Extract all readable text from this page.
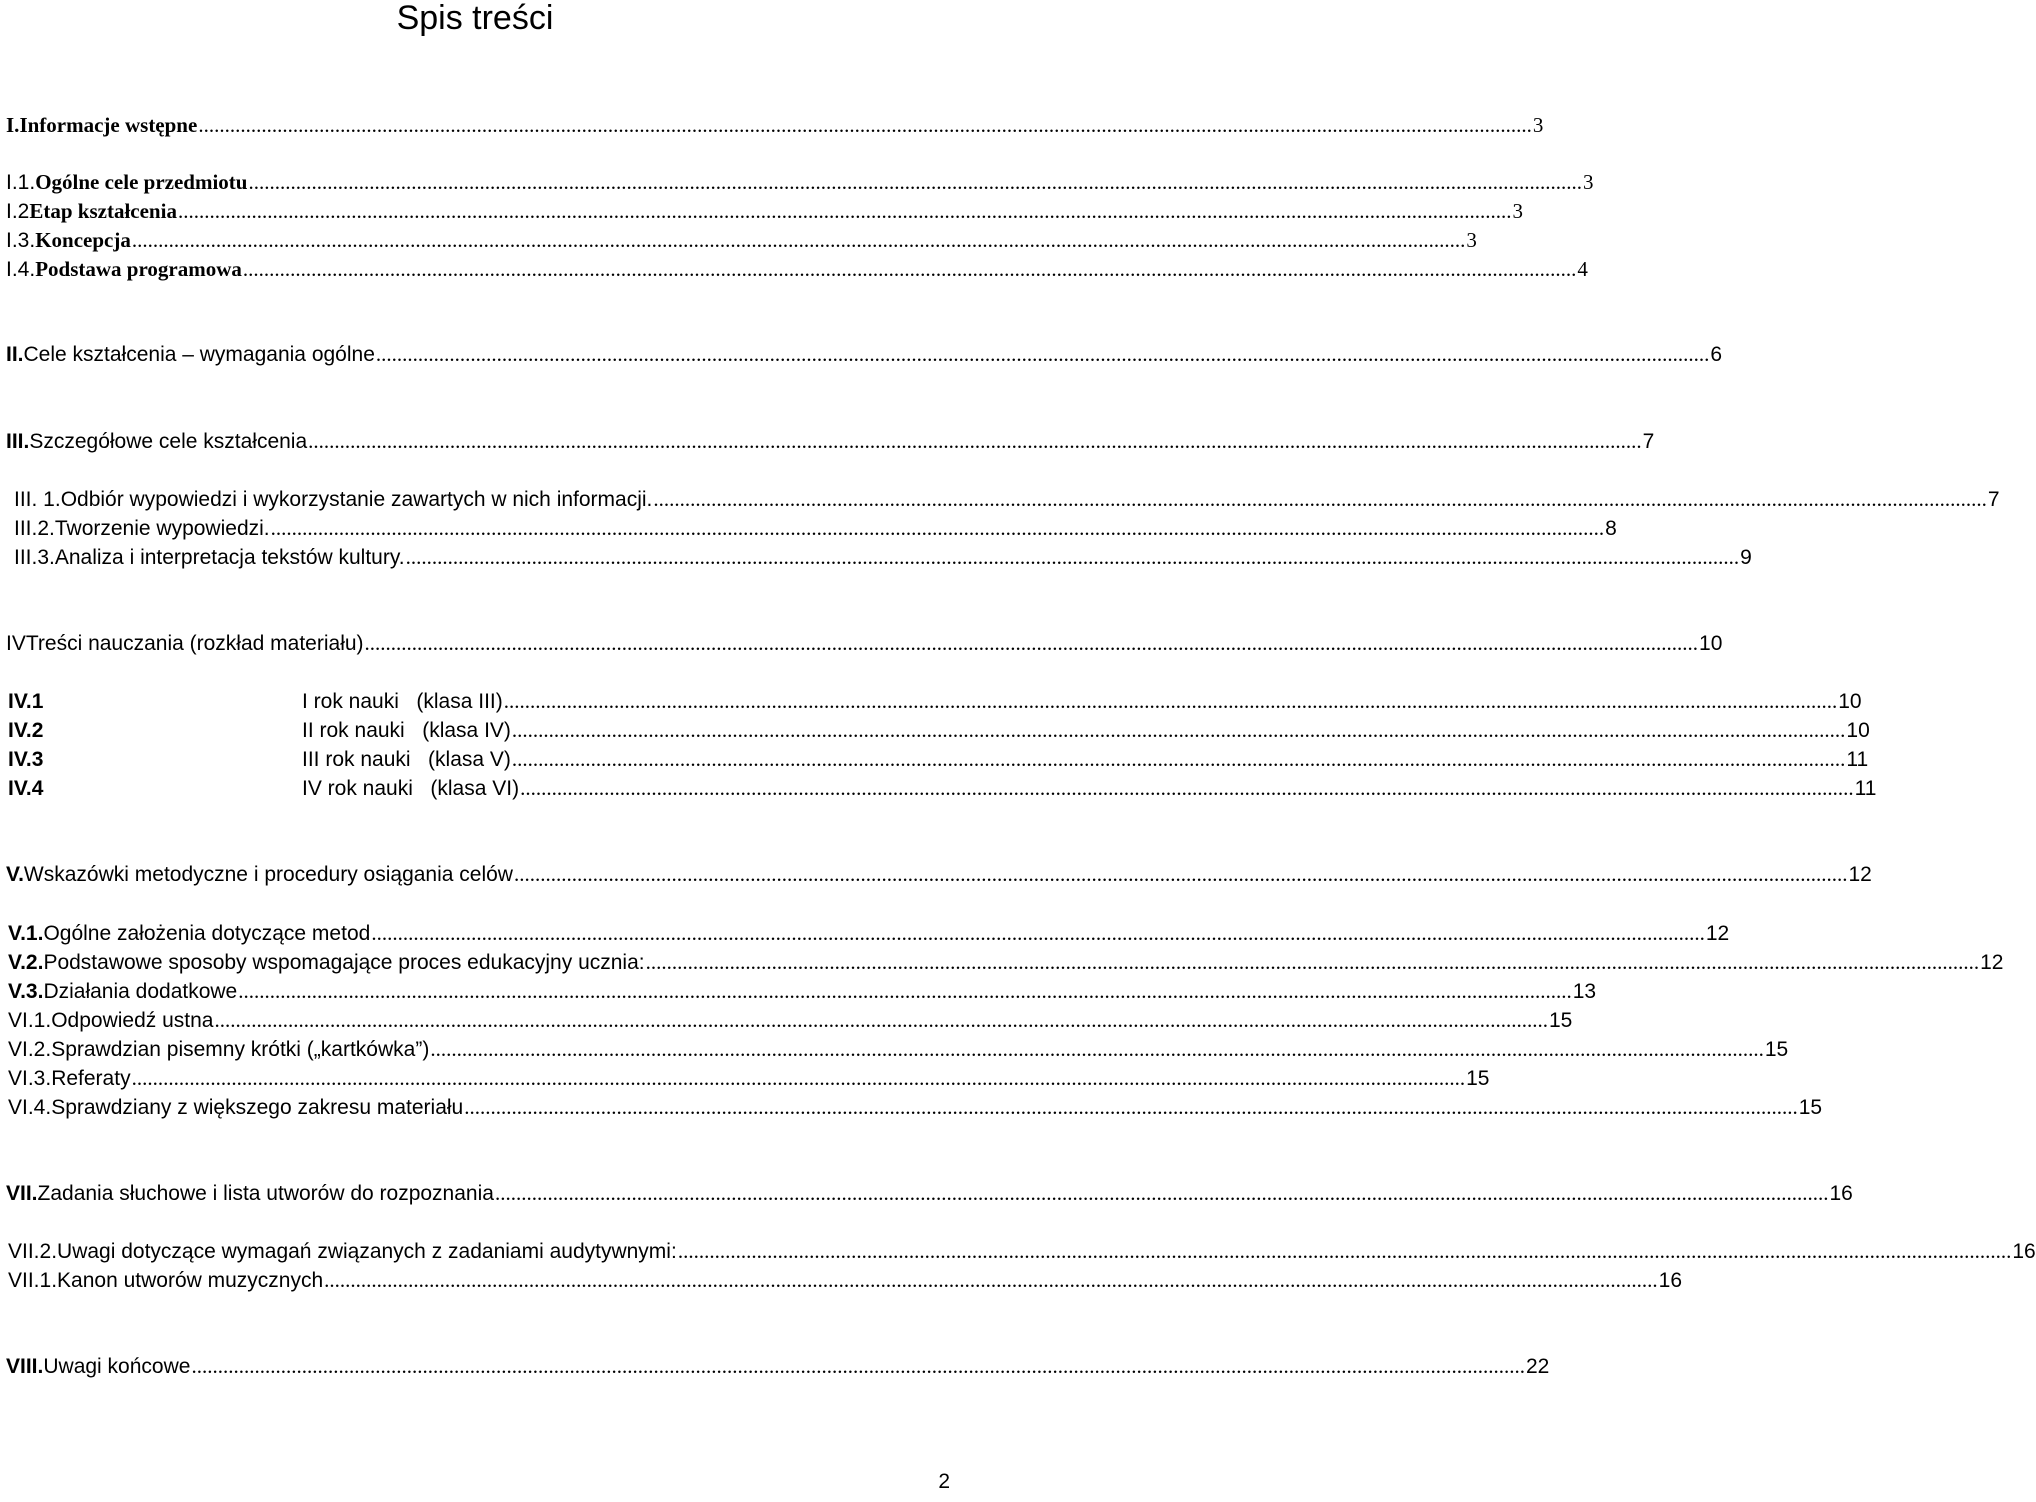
Spis treści
I. Informacje wstępne .....	3
I.1. Ogólne cele przedmiotu .....	3
I.2 Etap kształcenia .....	3
I.3. Koncepcja .....	3
I.4. Podstawa programowa .....	4
II. Cele kształcenia – wymagania ogólne .....	6
III. Szczegółowe cele kształcenia .....	7
III. 1. Odbiór wypowiedzi i wykorzystanie zawartych w nich informacji. .....	7
III.2. Tworzenie wypowiedzi. .....	8
III.3. Analiza i interpretacja tekstów kultury. .....	9
IV Treści nauczania (rozkład materiału) .....	10
IV.1	I rok nauki   (klasa III) .....	10
IV.2	II rok nauki   (klasa IV) .....	10
IV.3	III rok nauki   (klasa V) .....	11
IV.4	IV rok nauki   (klasa VI) .....	11
V. Wskazówki metodyczne i procedury osiągania celów .....	12
V.1. Ogólne założenia dotyczące metod .....	12
V.2. Podstawowe sposoby wspomagające proces edukacyjny ucznia: .....	12
V.3. Działania dodatkowe .....	13
VI.1. Odpowiedź ustna .....	15
VI.2. Sprawdzian pisemny krótki („kartkówka”) .....	15
VI.3. Referaty .....	15
VI.4. Sprawdziany z większego zakresu materiału .....	15
VII. Zadania słuchowe i lista utworów do rozpoznania .....	16
VII.2. Uwagi dotyczące wymagań związanych z zadaniami audytywnymi: .....	16
VII.1. Kanon utworów muzycznych .....	16
VIII. Uwagi końcowe .....	22
2
